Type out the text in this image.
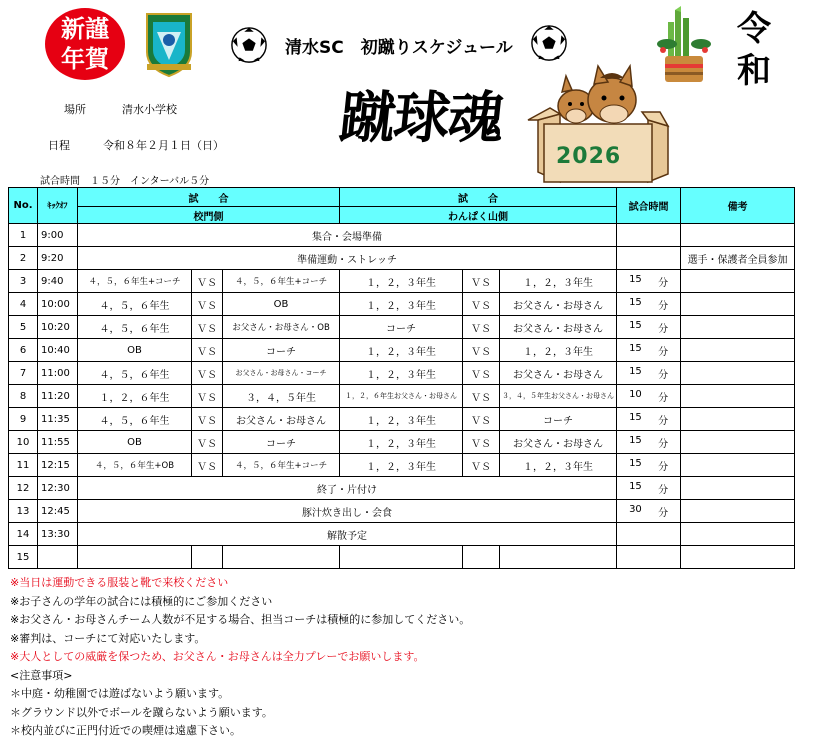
新謹
年賀	清水SC　初蹴りスケジュール	令
和
場所	清水小学校
日程	令和８年２月１日（日）
試合時間　１５分　インターバル５分
蹴球魂
2026
No.	ｷｯｸｵﾌ	試　　合			試　　合			試合時間	備考
		校門側			わんぱく山側				
1	9:00	集合・会場準備							
2	9:20	準備運動・ストレッチ							選手・保護者全員参加
3	9:40	４，５，６年生+コーチ	ＶＳ	４，５，６年生+コーチ	１，２，３年生	ＶＳ	１，２，３年生	15 分	

4	10:00	４，５，６年生	ＶＳ	OB	１，２，３年生	ＶＳ	お父さん・お母さん	15 分	

5	10:20	４，５，６年生	ＶＳ	お父さん・お母さん・OB	コーチ	ＶＳ	お父さん・お母さん	15 分	

6	10:40	OB	ＶＳ	コーチ	１，２，３年生	ＶＳ	１，２，３年生	15 分	

7	11:00	４，５，６年生	ＶＳ	お父さん・お母さん・コーチ	１，２，３年生	ＶＳ	お父さん・お母さん	15 分	

8	11:20	１，２，６年生	ＶＳ	３，４，５年生	１，２，６年生お父さん・お母さん	ＶＳ	３，４，５年生お父さん・お母さん	10 分	

9	11:35	４，５，６年生	ＶＳ	お父さん・お母さん	１，２，３年生	ＶＳ	コーチ	15 分	

10	11:55	OB	ＶＳ	コーチ	１，２，３年生	ＶＳ	お父さん・お母さん	15 分	

11	12:15	４，５，６年生+OB	ＶＳ	４，５，６年生+コーチ	１，２，３年生	ＶＳ	１，２，３年生	15 分	

12	12:30	終了・片付け						15 分	

13	12:45	豚汁炊き出し・会食						30 分	

14	13:30	解散予定							
15									
※当日は運動できる服装と靴で来校ください
※お子さんの学年の試合には積極的にご参加ください
※お父さん・お母さんチーム人数が不足する場合、担当コーチは積極的に参加してください。
※審判は、コーチにて対応いたします。
※大人としての威厳を保つため、お父さん・お母さんは全力プレーでお願いします。
<注意事項>
＊中庭・幼稚園では遊ばないよう願います。
＊グラウンド以外でボールを蹴らないよう願います。
＊校内並びに正門付近での喫煙は遠慮下さい。
